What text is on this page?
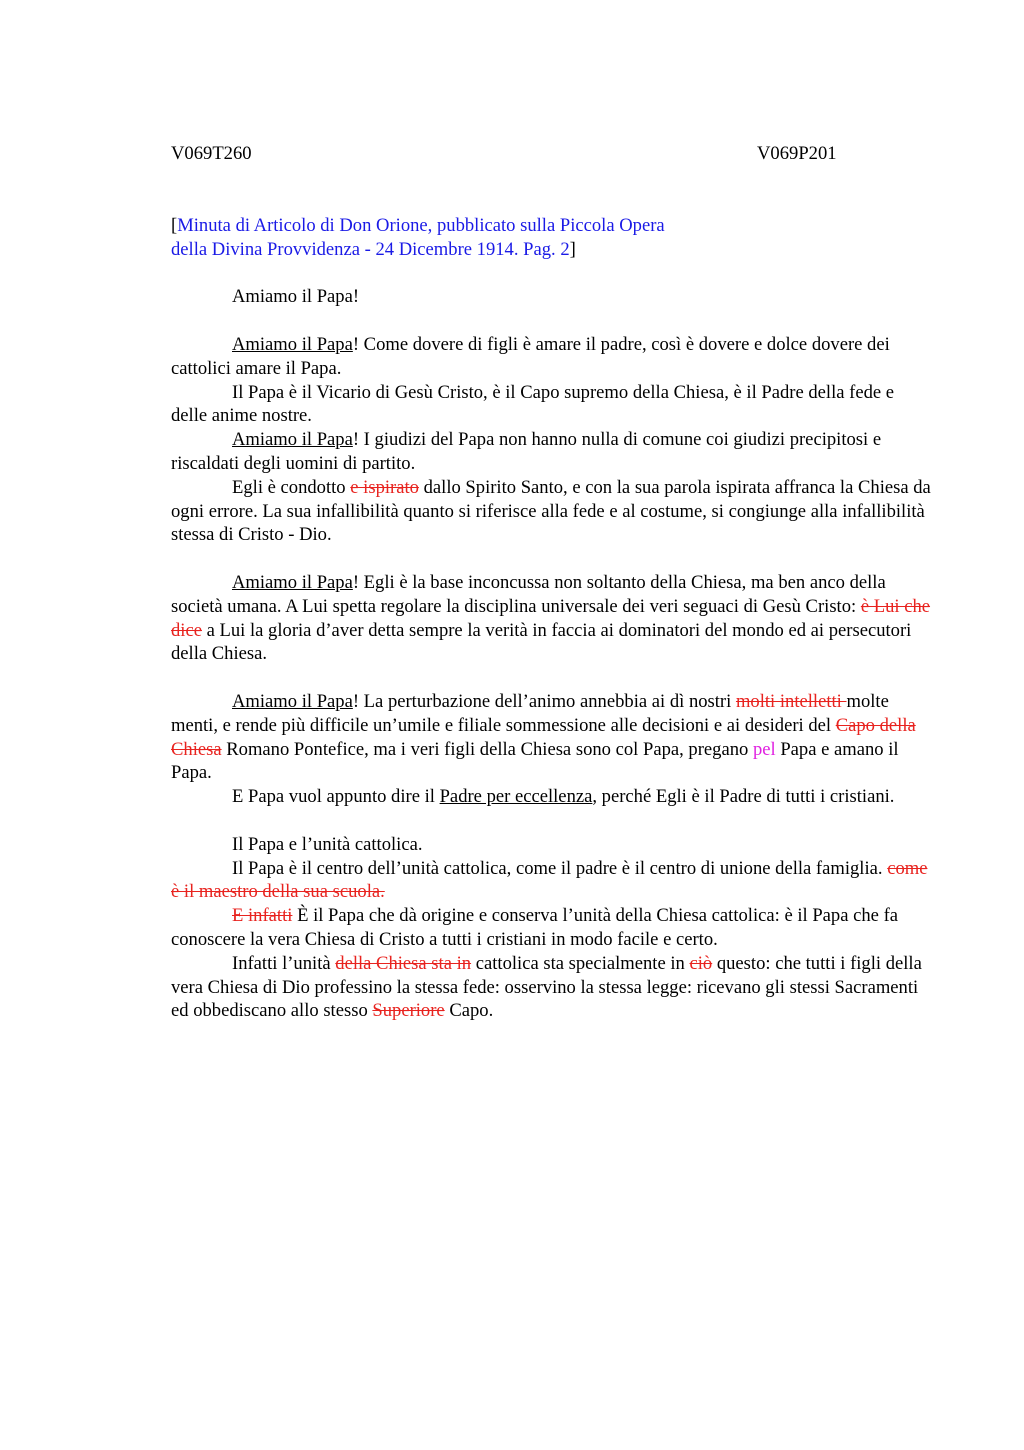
V069T260	V069P201

[Minuta di Articolo di Don Orione, pubblicato sulla Piccola Opera
della Divina Provvidenza - 24 Dicembre 1914. Pag. 2]

Amiamo il Papa!

Amiamo il Papa! Come dovere di figli è amare il padre, così è dovere e dolce dovere dei cattolici amare il Papa.

Il Papa è il Vicario di Gesù Cristo, è il Capo supremo della Chiesa, è il Padre della fede e delle anime nostre.

Amiamo il Papa! I giudizi del Papa non hanno nulla di comune coi giudizi precipitosi e riscaldati degli uomini di partito.

Egli è condotto e ispirato dallo Spirito Santo, e con la sua parola ispirata affranca la Chiesa da ogni errore. La sua infallibilità quanto si riferisce alla fede e al costume, si congiunge alla infallibilità stessa di Cristo - Dio.

Amiamo il Papa! Egli è la base inconcussa non soltanto della Chiesa, ma ben anco della società umana. A Lui spetta regolare la disciplina universale dei veri seguaci di Gesù Cristo: è Lui che dice a Lui la gloria d’aver detta sempre la verità in faccia ai dominatori del mondo ed ai persecutori della Chiesa.

Amiamo il Papa! La perturbazione dell’animo annebbia ai dì nostri molti intelletti molte menti, e rende più difficile un’umile e filiale sommessione alle decisioni e ai desideri del Capo della Chiesa Romano Pontefice, ma i veri figli della Chiesa sono col Papa, pregano pel Papa e amano il Papa.

E Papa vuol appunto dire il Padre per eccellenza, perché Egli è il Padre di tutti i cristiani.

Il Papa e l’unità cattolica.

Il Papa è il centro dell’unità cattolica, come il padre è il centro di unione della famiglia. come è il maestro della sua scuola.

E infatti È il Papa che dà origine e conserva l’unità della Chiesa cattolica: è il Papa che fa conoscere la vera Chiesa di Cristo a tutti i cristiani in modo facile e certo.

Infatti l’unità della Chiesa sta in cattolica sta specialmente in ciò questo: che tutti i figli della vera Chiesa di Dio professino la stessa fede: osservino la stessa legge: ricevano gli stessi Sacramenti ed obbediscano allo stesso Superiore Capo.
